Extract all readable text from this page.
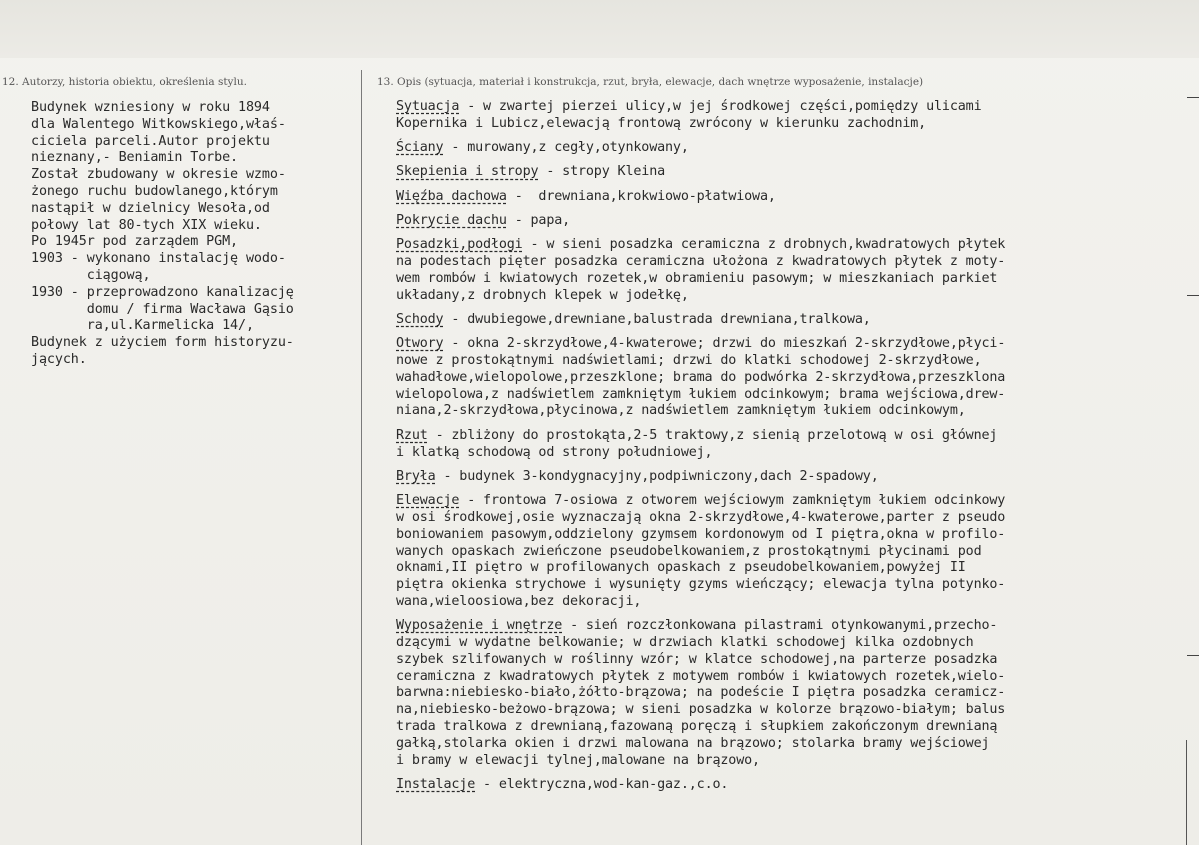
12. Autorzy, historia obiektu, określenia stylu.	13. Opis (sytuacja, materiał i konstrukcja, rzut, bryła, elewacje, dach wnętrze wyposażenie, instalacje)
Budynek wzniesiony w roku 1894
dla Walentego Witkowskiego,właś-
ciciela parceli.Autor projektu
nieznany,- Beniamin Torbe.
Został zbudowany w okresie wzmo-
żonego ruchu budowlanego,którym
nastąpił w dzielnicy Wesoła,od
połowy lat 80-tych XIX wieku.
Po 1945r pod zarządem PGM,
1903 - wykonano instalację wodo-
ciągową,
1930 - przeprowadzono kanalizację
domu / firma Wacława Gąsio
ra,ul.Karmelicka 14/,
Budynek z użyciem form historyzu-
jących.
Sytuacja - w zwartej pierzei ulicy,w jej środkowej części,pomiędzy ulicami
Kopernika i Lubicz,elewacją frontową zwrócony w kierunku zachodnim,
Ściany - murowany,z cegły,otynkowany,
Skepienia i stropy - stropy Kleina
Więźba dachowa -  drewniana,krokwiowo-płatwiowa,
Pokrycie dachu - papa,
Posadzki,podłogi - w sieni posadzka ceramiczna z drobnych,kwadratowych płytek
na podestach pięter posadzka ceramiczna ułożona z kwadratowych płytek z moty-
wem rombów i kwiatowych rozetek,w obramieniu pasowym; w mieszkaniach parkiet
układany,z drobnych klepek w jodełkę,
Schody - dwubiegowe,drewniane,balustrada drewniana,tralkowa,
Otwory - okna 2-skrzydłowe,4-kwaterowe; drzwi do mieszkań 2-skrzydłowe,płyci-
nowe z prostokątnymi nadświetlami; drzwi do klatki schodowej 2-skrzydłowe,
wahadłowe,wielopolowe,przeszklone; brama do podwórka 2-skrzydłowa,przeszklona
wielopolowa,z nadświetlem zamkniętym łukiem odcinkowym; brama wejściowa,drew-
niana,2-skrzydłowa,płycinowa,z nadświetlem zamkniętym łukiem odcinkowym,
Rzut - zbliżony do prostokąta,2-5 traktowy,z sienią przelotową w osi głównej
i klatką schodową od strony południowej,
Bryła - budynek 3-kondygnacyjny,podpiwniczony,dach 2-spadowy,
Elewacje - frontowa 7-osiowa z otworem wejściowym zamkniętym łukiem odcinkowy
w osi środkowej,osie wyznaczają okna 2-skrzydłowe,4-kwaterowe,parter z pseudo
boniowaniem pasowym,oddzielony gzymsem kordonowym od I piętra,okna w profilo-
wanych opaskach zwieńczone pseudobelkowaniem,z prostokątnymi płycinami pod
oknami,II piętro w profilowanych opaskach z pseudobelkowaniem,powyżej II
piętra okienka strychowe i wysunięty gzyms wieńczący; elewacja tylna potynko-
wana,wieloosiowa,bez dekoracji,
Wyposażenie i wnętrze - sień rozczłonkowana pilastrami otynkowanymi,przecho-
dzącymi w wydatne belkowanie; w drzwiach klatki schodowej kilka ozdobnych
szybek szlifowanych w roślinny wzór; w klatce schodowej,na parterze posadzka
ceramiczna z kwadratowych płytek z motywem rombów i kwiatowych rozetek,wielo-
barwna:niebiesko-biało,żółto-brązowa; na podeście I piętra posadzka ceramicz-
na,niebiesko-beżowo-brązowa; w sieni posadzka w kolorze brązowo-białym; balus
trada tralkowa z drewnianą,fazowaną poręczą i słupkiem zakończonym drewnianą
gałką,stolarka okien i drzwi malowana na brązowo; stolarka bramy wejściowej
i bramy w elewacji tylnej,malowane na brązowo,
Instalacje - elektryczna,wod-kan-gaz.,c.o.
